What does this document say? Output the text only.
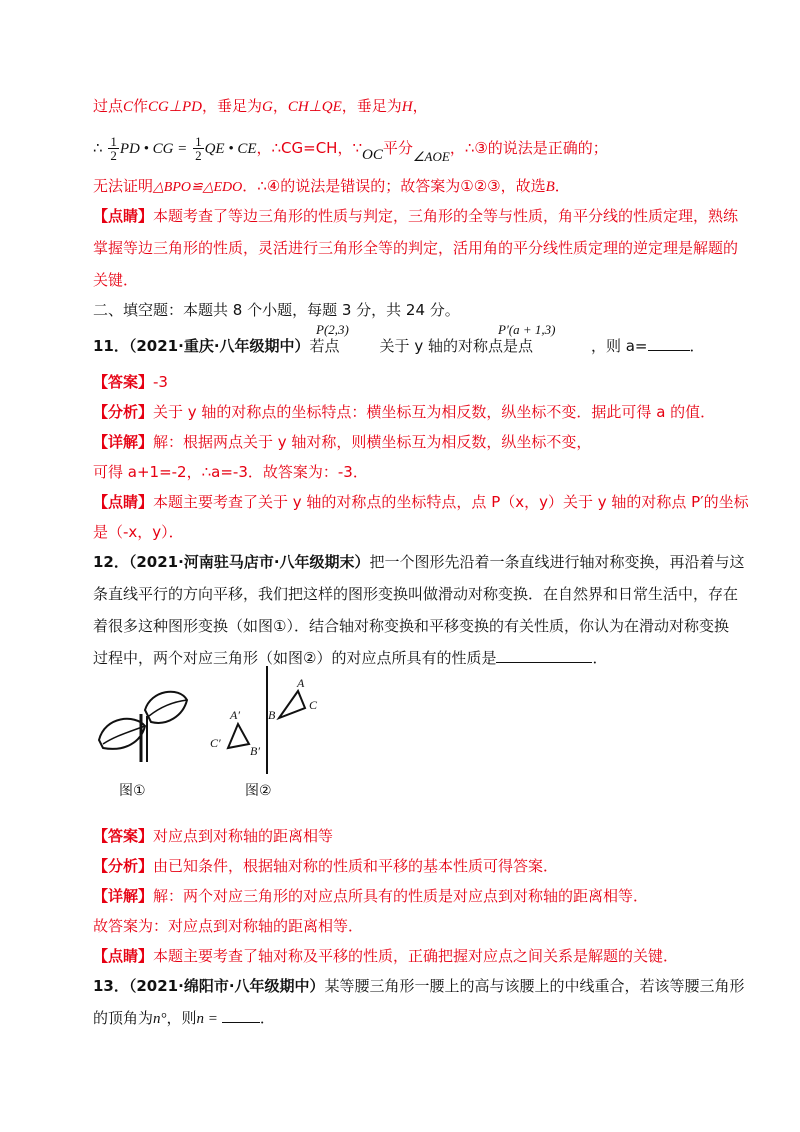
过点C作CG⊥PD，垂足为G，CH⊥QE，垂足为H，
∴ $\frac{1}{2}$ PD • CG = $\frac{1}{2}$ QE • CE，∴CG=CH，∵OC平分∠AOE，∴③的说法是正确的；
无法证明△BPO≌△EDO．∴④的说法是错误的；故答案为①②③，故选B．
【点睛】本题考查了等边三角形的性质与判定，三角形的全等与性质，角平分线的性质定理，熟练
掌握等边三角形的性质，灵活进行三角形全等的判定，活用角的平分线性质定理的逆定理是解题的
关键．
二、填空题：本题共 8 个小题，每题 3 分，共 24 分。
P(2,3)	P′(a + 1,3)
11．（2021·重庆·八年级期中）若点	关于 y 轴的对称点是点	，则 a=	．
【答案】-3
【分析】关于 y 轴的对称点的坐标特点：横坐标互为相反数，纵坐标不变．据此可得 a 的值．
【详解】解：根据两点关于 y 轴对称，则横坐标互为相反数，纵坐标不变，
可得 a+1=-2，∴a=-3．故答案为：-3．
【点睛】本题主要考查了关于 y 轴的对称点的坐标特点，点 P（x，y）关于 y 轴的对称点 P′的坐标
是（-x，y）．
12．（2021·河南驻马店市·八年级期末）把一个图形先沿着一条直线进行轴对称变换，再沿着与这
条直线平行的方向平移，我们把这样的图形变换叫做滑动对称变换．在自然界和日常生活中，存在
着很多这种图形变换（如图①）．结合轴对称变换和平移变换的有关性质，你认为在滑动对称变换
过程中，两个对应三角形（如图②）的对应点所具有的性质是	．
A
B
C
A′
B′
C′
图①	图②
【答案】对应点到对称轴的距离相等
【分析】由已知条件，根据轴对称的性质和平移的基本性质可得答案．
【详解】解：两个对应三角形的对应点所具有的性质是对应点到对称轴的距离相等．
故答案为：对应点到对称轴的距离相等．
【点睛】本题主要考查了轴对称及平移的性质，正确把握对应点之间关系是解题的关键．
13．（2021·绵阳市·八年级期中）某等腰三角形一腰上的高与该腰上的中线重合，若该等腰三角形
的顶角为n°，则n =	．
